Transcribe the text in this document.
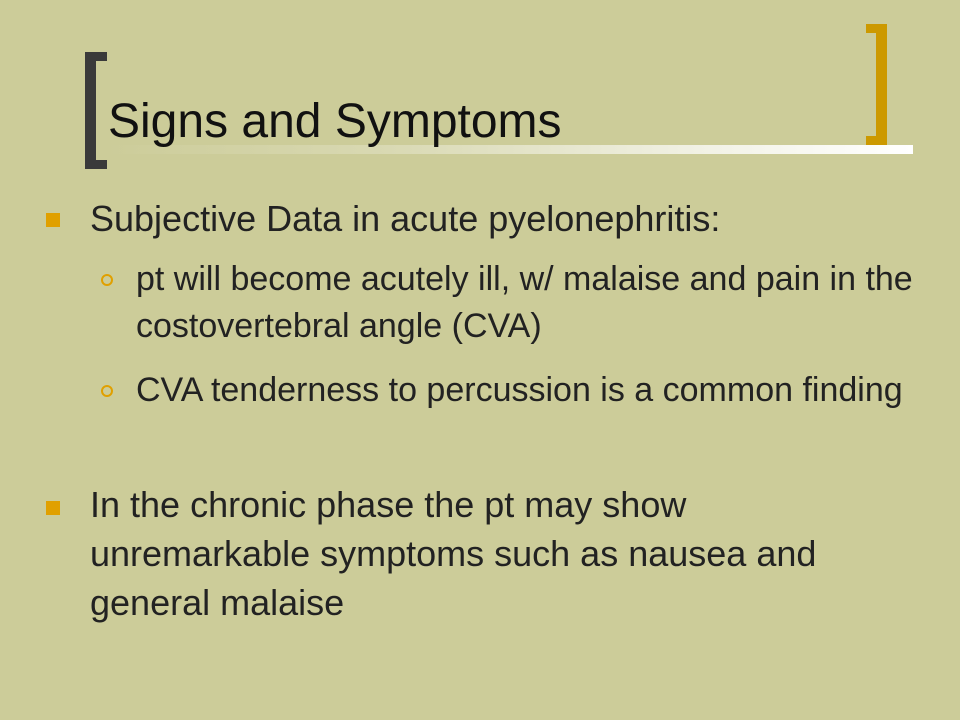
Signs and Symptoms
Subjective Data in acute pyelonephritis:
pt will become acutely ill, w/ malaise and pain in the costovertebral angle (CVA)
CVA tenderness to percussion is a common finding
In the chronic phase the pt may show unremarkable symptoms such as nausea and general malaise
